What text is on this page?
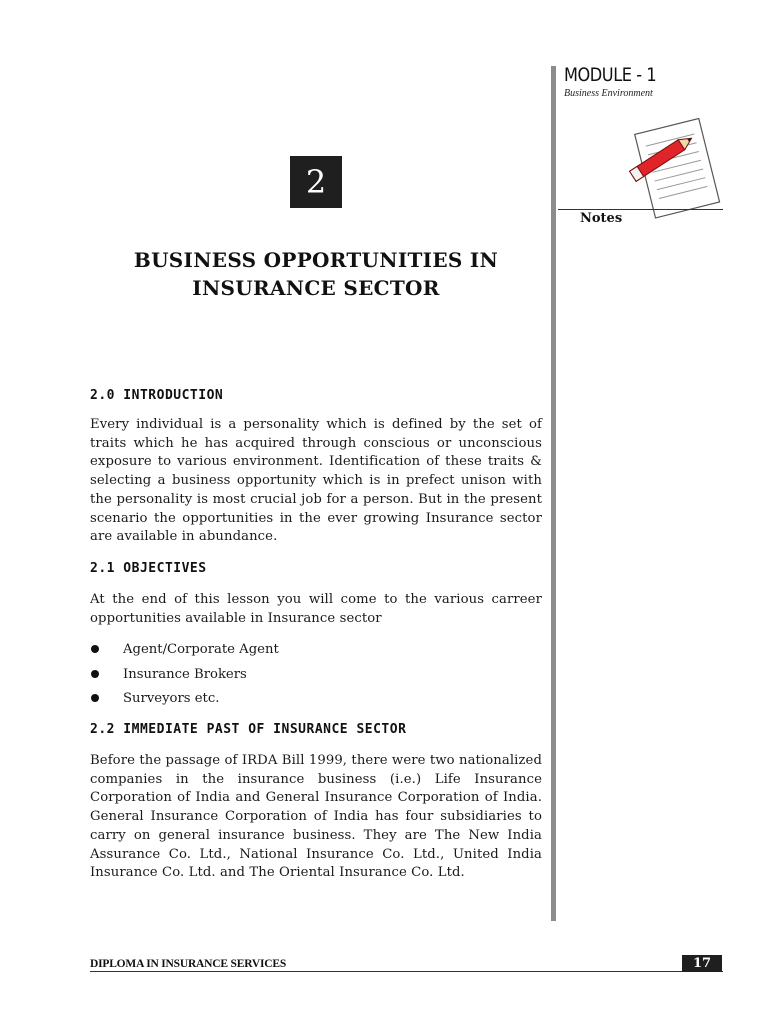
MODULE - 1
Business Environment
Notes
2
BUSINESS OPPORTUNITIES IN
INSURANCE SECTOR
2.0 INTRODUCTION
Every individual is a personality which is defined by the set of traits which he has acquired through conscious or unconscious exposure to various environment. Identification of these traits & selecting a business opportunity which is in prefect unison with the personality is most crucial job for a person. But in the present scenario the opportunities in the ever growing Insurance sector are available in abundance.
2.1 OBJECTIVES
At the end of this lesson you will come to the various carreer opportunities available in Insurance sector
Agent/Corporate Agent
Insurance Brokers
Surveyors etc.
2.2 IMMEDIATE PAST OF INSURANCE SECTOR
Before the passage of IRDA Bill 1999, there were two nationalized companies in the insurance business (i.e.) Life Insurance Corporation of India and General Insurance Corporation of India. General Insurance Corporation of India has four subsidiaries to carry on general insurance business. They are The New India Assurance Co. Ltd., National Insurance Co. Ltd., United India Insurance Co. Ltd. and The Oriental Insurance Co. Ltd.
DIPLOMA IN INSURANCE SERVICES	17
